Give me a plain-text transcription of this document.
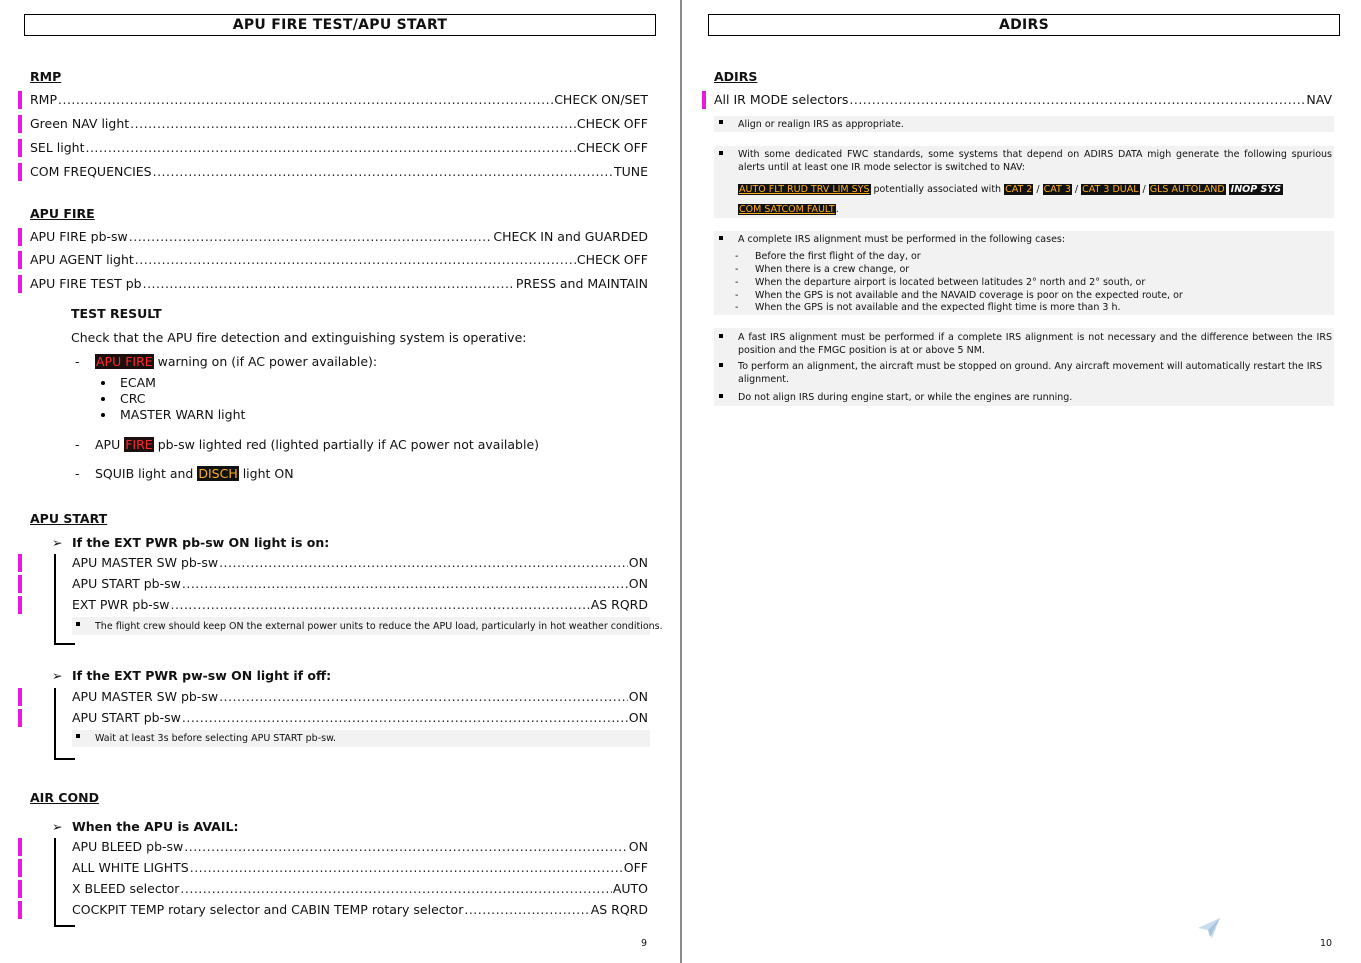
APU FIRE TEST/APU START
RMP
RMP .....	CHECK ON/SET
Green NAV light .....	CHECK OFF
SEL light .....	CHECK OFF
COM FREQUENCIES .....	TUNE
APU FIRE
APU FIRE pb-sw .....	CHECK IN and GUARDED
APU AGENT light .....	CHECK OFF
APU FIRE TEST pb .....	PRESS and MAINTAIN
TEST RESULT
Check that the APU fire detection and extinguishing system is operative:
- APU FIRE warning on (if AC power available):
ECAM
CRC
MASTER WARN light
- APU FIRE pb-sw lighted red (lighted partially if AC power not available)
- SQUIB light and DISCH light ON
APU START
➢ If the EXT PWR pb-sw ON light is on:
APU MASTER SW pb-sw .....	ON
APU START pb-sw .....	ON
EXT PWR pb-sw .....	AS RQRD
The flight crew should keep ON the external power units to reduce the APU load, particularly in hot weather conditions.
➢ If the EXT PWR pw-sw ON light if off:
APU MASTER SW pb-sw .....	ON
APU START pb-sw .....	ON
Wait at least 3s before selecting APU START pb-sw.
AIR COND
➢ When the APU is AVAIL:
APU BLEED pb-sw .....	ON
ALL WHITE LIGHTS .....	OFF
X BLEED selector .....	AUTO
COCKPIT TEMP rotary selector and CABIN TEMP rotary selector .....	AS RQRD
9
ADIRS
ADIRS
All IR MODE selectors .....	NAV
Align or realign IRS as appropriate.
With some dedicated FWC standards, some systems that depend on ADIRS DATA migh generate the following spurious alerts until at least one IR mode selector is switched to NAV:
AUTO FLT RUD TRV LIM SYS potentially associated with CAT 2 / CAT 3 / CAT 3 DUAL / GLS AUTOLAND INOP SYS
COM SATCOM FAULT.
A complete IRS alignment must be performed in the following cases:
- Before the first flight of the day, or
- When there is a crew change, or
- When the departure airport is located between latitudes 2° north and 2° south, or
- When the GPS is not available and the NAVAID coverage is poor on the expected route, or
- When the GPS is not available and the expected flight time is more than 3 h.
A fast IRS alignment must be performed if a complete IRS alignment is not necessary and the difference between the IRS position and the FMGC position is at or above 5 NM.
To perform an alignment, the aircraft must be stopped on ground. Any aircraft movement will automatically restart the IRS alignment.
Do not align IRS during engine start, or while the engines are running.
10
